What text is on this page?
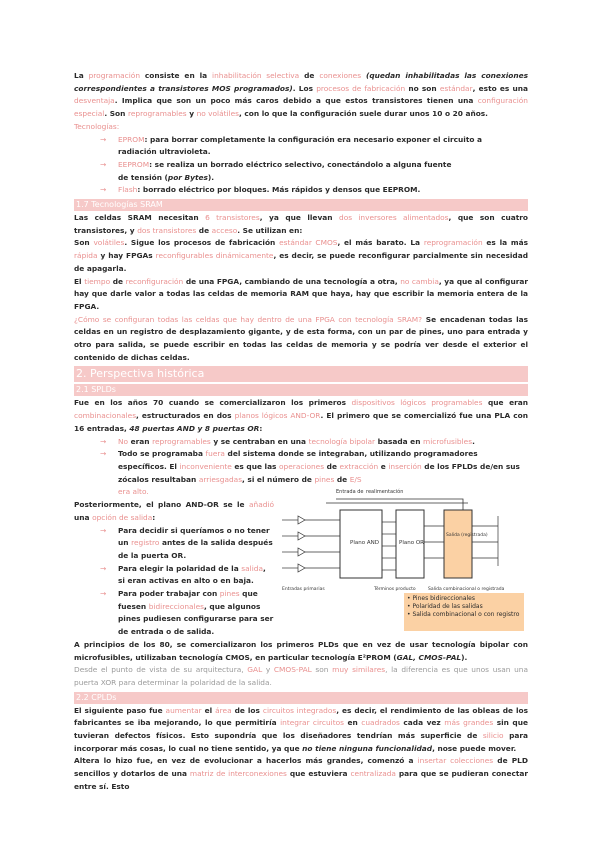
La programación consiste en la inhabilitación selectiva de conexiones (quedan inhabilitadas las conexiones correspondientes a transistores MOS programados). Los procesos de fabricación no son estándar, esto es una desventaja. Implica que son un poco más caros debido a que estos transistores tienen una configuración especial. Son reprogramables y no volátiles, con lo que la configuración suele durar unos 10 o 20 años.

Tecnologías:
→ EPROM: para borrar completamente la configuración era necesario exponer el circuito a
radiación ultravioleta.
→ EEPROM: se realiza un borrado eléctrico selectivo, conectándolo a alguna fuente
de tensión (por Bytes).
→ Flash: borrado eléctrico por bloques. Más rápidos y densos que EEPROM.
1.7 Tecnologías SRAM

Las celdas SRAM necesitan 6 transistores, ya que llevan dos inversores alimentados, que son cuatro transistores, y dos transistores de acceso. Se utilizan en:

Son volátiles. Sigue los procesos de fabricación estándar CMOS, el más barato. La reprogramación es la más rápida y hay FPGAs reconfigurables dinámicamente, es decir, se puede reconfigurar parcialmente sin necesidad de apagarla.

El tiempo de reconfiguración de una FPGA, cambiando de una tecnología a otra, no cambia, ya que al configurar hay que darle valor a todas las celdas de memoria RAM que haya, hay que escribir la memoria entera de la FPGA.

¿Cómo se configuran todas las celdas que hay dentro de una FPGA con tecnología SRAM? Se encadenan todas las celdas en un registro de desplazamiento gigante, y de esta forma, con un par de pines, uno para entrada y otro para salida, se puede escribir en todas las celdas de memoria y se podría ver desde el exterior el contenido de dichas celdas.

2. Perspectiva histórica
2.1 SPLDs

Fue en los años 70 cuando se comercializaron los primeros dispositivos lógicos programables que eran combinacionales, estructurados en dos planos lógicos AND-OR. El primero que se comercializó fue una PLA con 16 entradas, 48 puertas AND y 8 puertas OR:

→ No eran reprogramables y se centraban en una tecnología bipolar basada en microfusibles.
→ Todo se programaba fuera del sistema donde se integraban, utilizando programadores específicos. El inconveniente es que las operaciones de extracción e inserción de los FPLDs de/en sus zócalos resultaban arriesgadas, si el número de pines de E/S
era alto.

Posteriormente, el plano AND-OR se le añadió una opción de salida:

→ Para decidir si queríamos o no tener un registro antes de la salida después de la puerta OR.
→ Para elegir la polaridad de la salida, si eran activas en alto o en baja.
→ Para poder trabajar con pines que fuesen bidireccionales, que algunos pines pudiesen configurarse para ser de entrada o de salida.
Entrada de realimentación
Plano AND	Plano OR
Salida (registrada)
Entradas primarias	Términos producto	Salida combinacional o registrada
• Pines bidireccionales
• Polaridad de las salidas
• Salida combinacional o con registro

A principios de los 80, se comercializaron los primeros PLDs que en vez de usar tecnología bipolar con microfusibles, utilizaban tecnología CMOS, en particular tecnología E²PROM (GAL, CMOS-PAL).

Desde el punto de vista de su arquitectura, GAL y CMOS-PAL son muy similares, la diferencia es que unos usan una puerta XOR para determinar la polaridad de la salida.

2.2 CPLDs

El siguiente paso fue aumentar el área de los circuitos integrados, es decir, el rendimiento de las obleas de los fabricantes se iba mejorando, lo que permitiría integrar circuitos en cuadrados cada vez más grandes sin que tuvieran defectos físicos. Esto supondría que los diseñadores tendrían más superficie de silicio para incorporar más cosas, lo cual no tiene sentido, ya que no tiene ninguna funcionalidad, nose puede mover.

Altera lo hizo fue, en vez de evolucionar a hacerlos más grandes, comenzó a insertar colecciones de PLD sencillos y dotarlos de una matriz de interconexiones que estuviera centralizada para que se pudieran conectar entre sí. Esto
